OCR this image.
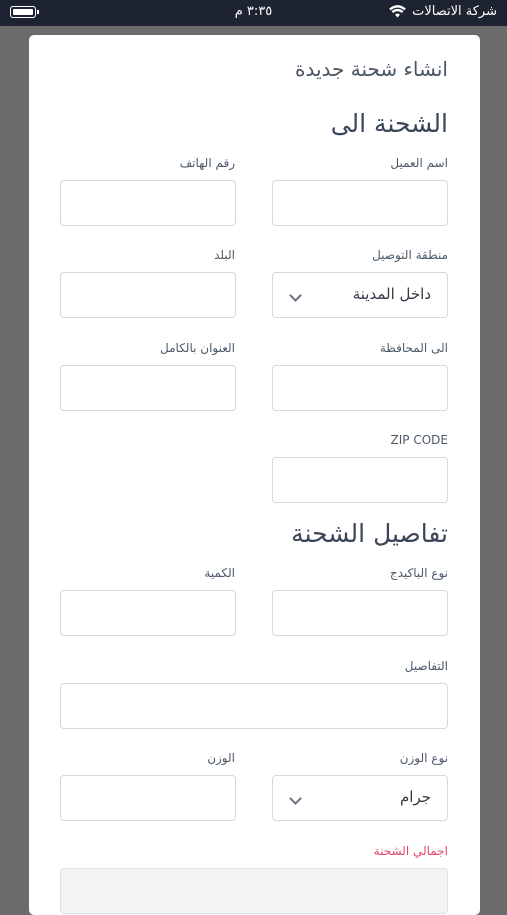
شركة الاتصالات
٣:٣٥ م
انشاء شحنة جديدة
الشحنة الى
اسم العميل
رقم الهاتف
منطقة التوصيل
البلد
داخل المدينة
الى المحافظة
العنوان بالكامل
ZIP CODE
تفاصيل الشحنة
نوع الباكيدج
الكمية
التفاصيل
نوع الوزن
الوزن
جرام
اجمالي الشحنة
